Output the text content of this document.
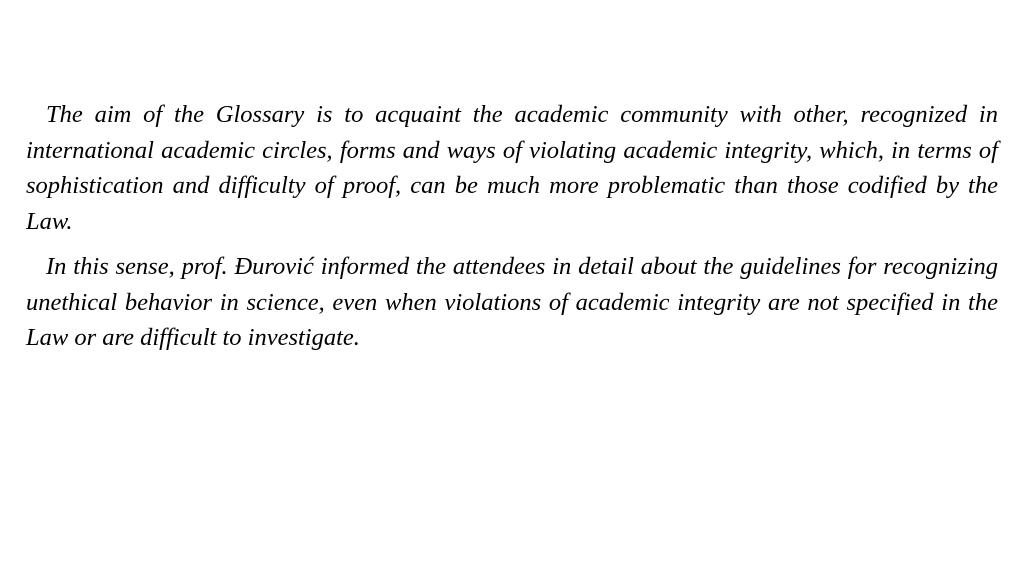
The aim of the Glossary is to acquaint the academic community with other, recognized in international academic circles, forms and ways of violating academic integrity, which, in terms of sophistication and difficulty of proof, can be much more problematic than those codified by the Law.

In this sense, prof. Đurović informed the attendees in detail about the guidelines for recognizing unethical behavior in science, even when violations of academic integrity are not specified in the Law or are difficult to investigate.
